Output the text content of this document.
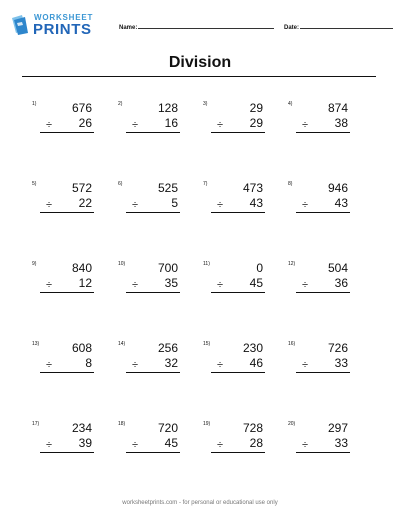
WORKSHEET
PRINTS	Name:	Date:
Division
1)	676
÷ 26
2)	128
÷ 16
3)	29
÷ 29
4)	874
÷ 38
5)	572
÷ 22
6)	525
÷	5
7)	473
÷ 43
8)	946
÷ 43
9)	840
÷ 12
10)	700
÷ 35
11)	0
÷ 45
12)	504
÷ 36
13)	608
÷	8
14)	256
÷ 32
15)	230
÷ 46
16)	726
÷ 33
17)	234
÷ 39
18)	720
÷ 45
19)	728
÷ 28
20)	297
÷ 33
worksheetprints.com - for personal or educational use only
